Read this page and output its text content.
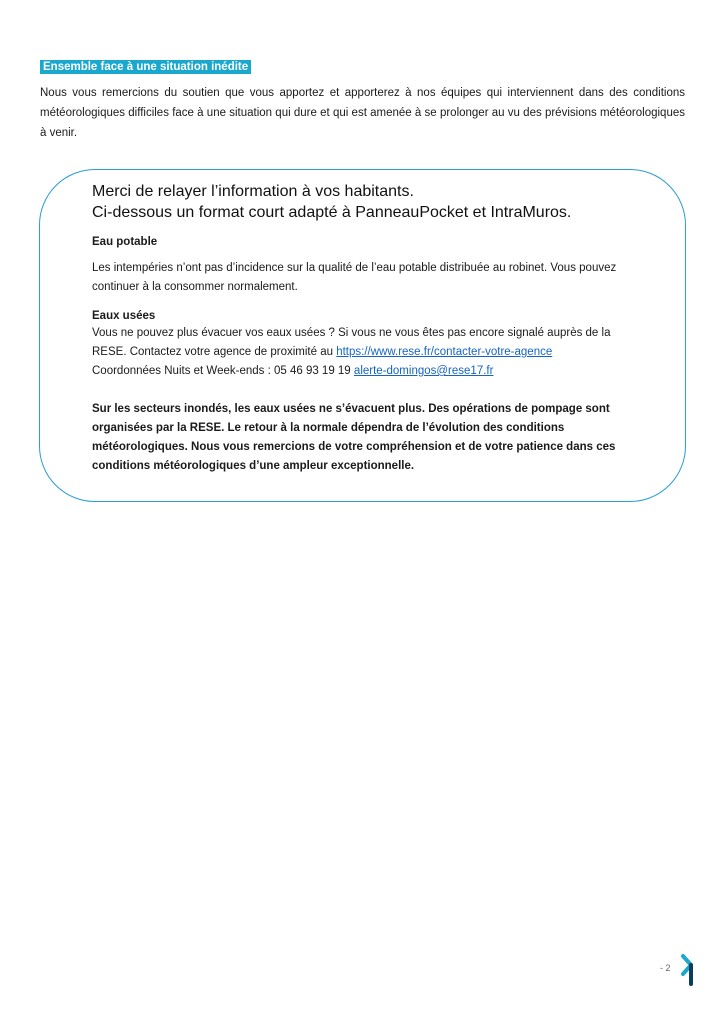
Ensemble face à une situation inédite

Nous vous remercions du soutien que vous apportez et apporterez à nos équipes qui interviennent dans des conditions météorologiques difficiles face à une situation qui dure et qui est amenée à se prolonger au vu des prévisions météorologiques à venir.

Merci de relayer l’information à vos habitants.

Ci-dessous un format court adapté à PanneauPocket et IntraMuros.

Eau potable

Les intempéries n’ont pas d’incidence sur la qualité de l’eau potable distribuée au robinet. Vous pouvez continuer à la consommer normalement.

Eaux usées

Vous ne pouvez plus évacuer vos eaux usées ? Si vous ne vous êtes pas encore signalé auprès de la RESE. Contactez votre agence de proximité au https://www.rese.fr/contacter-votre-agence
Coordonnées Nuits et Week-ends : 05 46 93 19 19 alerte-domingos@rese17.fr

Sur les secteurs inondés, les eaux usées ne s’évacuent plus. Des opérations de pompage sont organisées par la RESE. Le retour à la normale dépendra de l’évolution des conditions météorologiques. Nous vous remercions de votre compréhension et de votre patience dans ces conditions météorologiques d’une ampleur exceptionnelle.

- 2
